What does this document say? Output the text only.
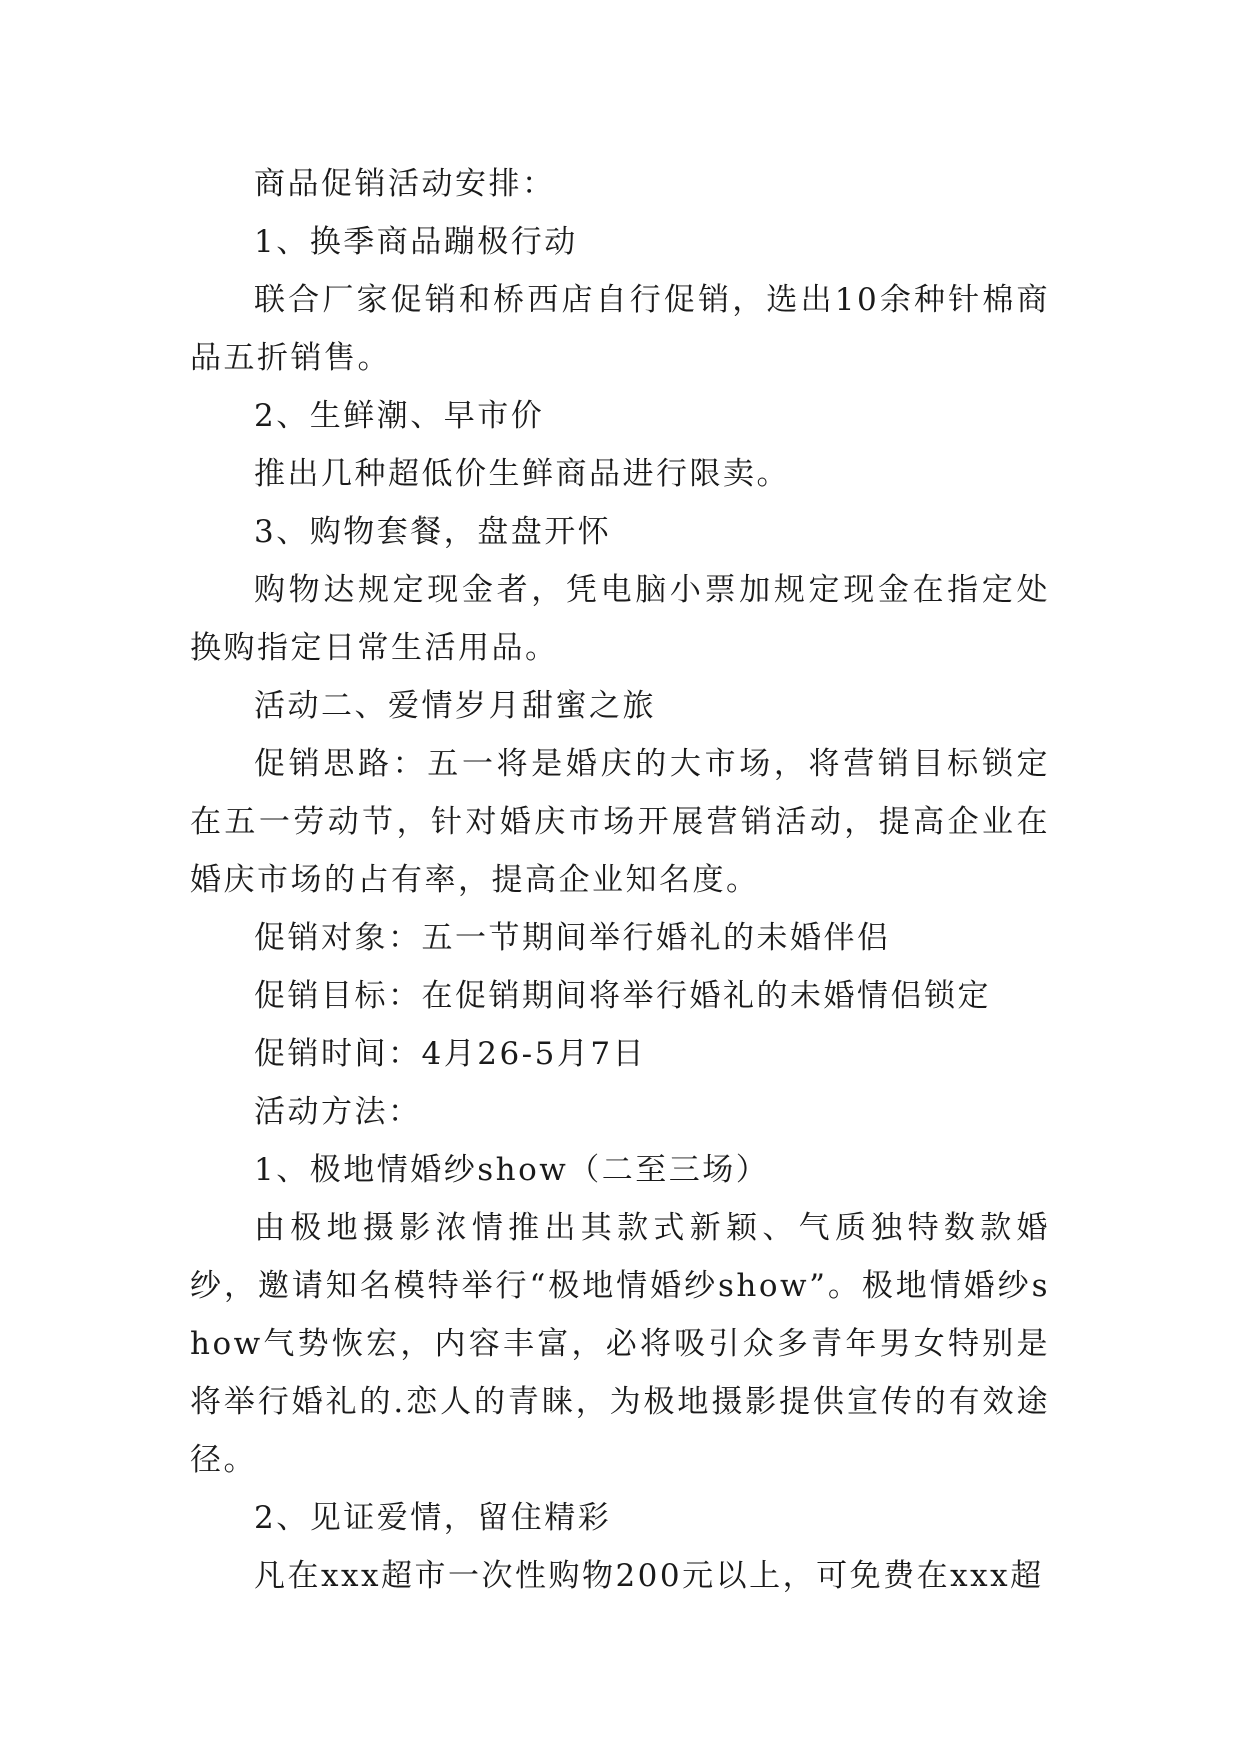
商品促销活动安排：

1、换季商品蹦极行动

联合厂家促销和桥西店自行促销，选出10余种针棉商品五折销售。

2、生鲜潮、早市价

推出几种超低价生鲜商品进行限卖。

3、购物套餐，盘盘开怀

购物达规定现金者，凭电脑小票加规定现金在指定处换购指定日常生活用品。

活动二、爱情岁月甜蜜之旅

促销思路：五一将是婚庆的大市场，将营销目标锁定在五一劳动节，针对婚庆市场开展营销活动，提高企业在婚庆市场的占有率，提高企业知名度。

促销对象：五一节期间举行婚礼的未婚伴侣

促销目标：在促销期间将举行婚礼的未婚情侣锁定

促销时间：4月26-5月7日

活动方法：

1、极地情婚纱show（二至三场）

由极地摄影浓情推出其款式新颖、气质独特数款婚纱，邀请知名模特举行“极地情婚纱show”。极地情婚纱show气势恢宏，内容丰富，必将吸引众多青年男女特别是将举行婚礼的.恋人的青睐，为极地摄影提供宣传的有效途径。

2、见证爱情，留住精彩

凡在xxx超市一次性购物200元以上，可免费在xxx超
